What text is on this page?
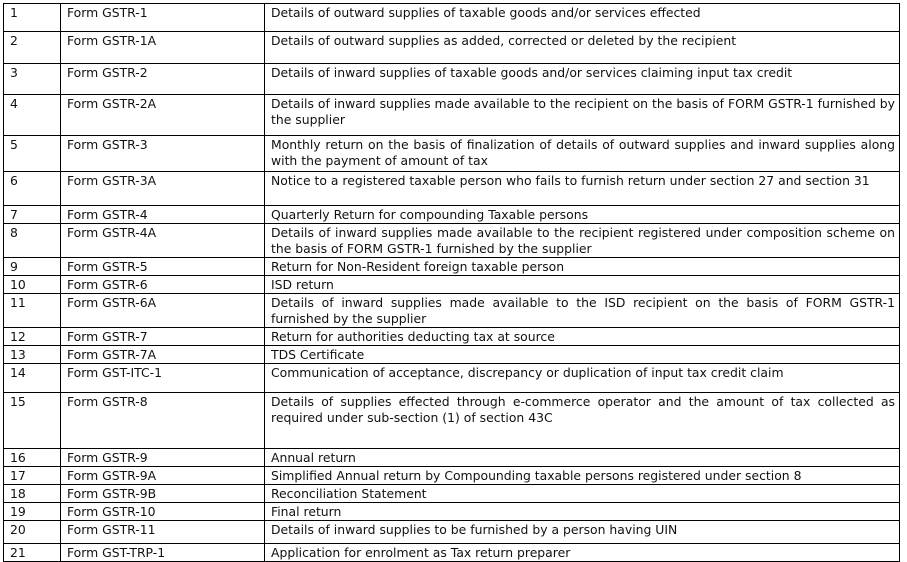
1	Form GSTR-1	Details of outward supplies of taxable goods and/or services effected
2	Form GSTR-1A	Details of outward supplies as added, corrected or deleted by the recipient
3	Form GSTR-2	Details of inward supplies of taxable goods and/or services claiming input tax credit
4	Form GSTR-2A	Details of inward supplies made available to the recipient on the basis of FORM GSTR-1 furnished by the supplier
5	Form GSTR-3	Monthly return on the basis of finalization of details of outward supplies and inward supplies along with the payment of amount of tax
6	Form GSTR-3A	Notice to a registered taxable person who fails to furnish return under section 27 and section 31
7	Form GSTR-4	Quarterly Return for compounding Taxable persons
8	Form GSTR-4A	Details of inward supplies made available to the recipient registered under composition scheme on the basis of FORM GSTR-1 furnished by the supplier
9	Form GSTR-5	Return for Non-Resident foreign taxable person
10	Form GSTR-6	ISD return
11	Form GSTR-6A	Details of inward supplies made available to the ISD recipient on the basis of FORM GSTR-1 furnished by the supplier
12	Form GSTR-7	Return for authorities deducting tax at source
13	Form GSTR-7A	TDS Certificate
14	Form GST-ITC-1	Communication of acceptance, discrepancy or duplication of input tax credit claim
15	Form GSTR-8	Details of supplies effected through e-commerce operator and the amount of tax collected as required under sub-section (1) of section 43C
16	Form GSTR-9	Annual return
17	Form GSTR-9A	Simplified Annual return by Compounding taxable persons registered under section 8
18	Form GSTR-9B	Reconciliation Statement
19	Form GSTR-10	Final return
20	Form GSTR-11	Details of inward supplies to be furnished by a person having UIN
21	Form GST-TRP-1	Application for enrolment as Tax return preparer
